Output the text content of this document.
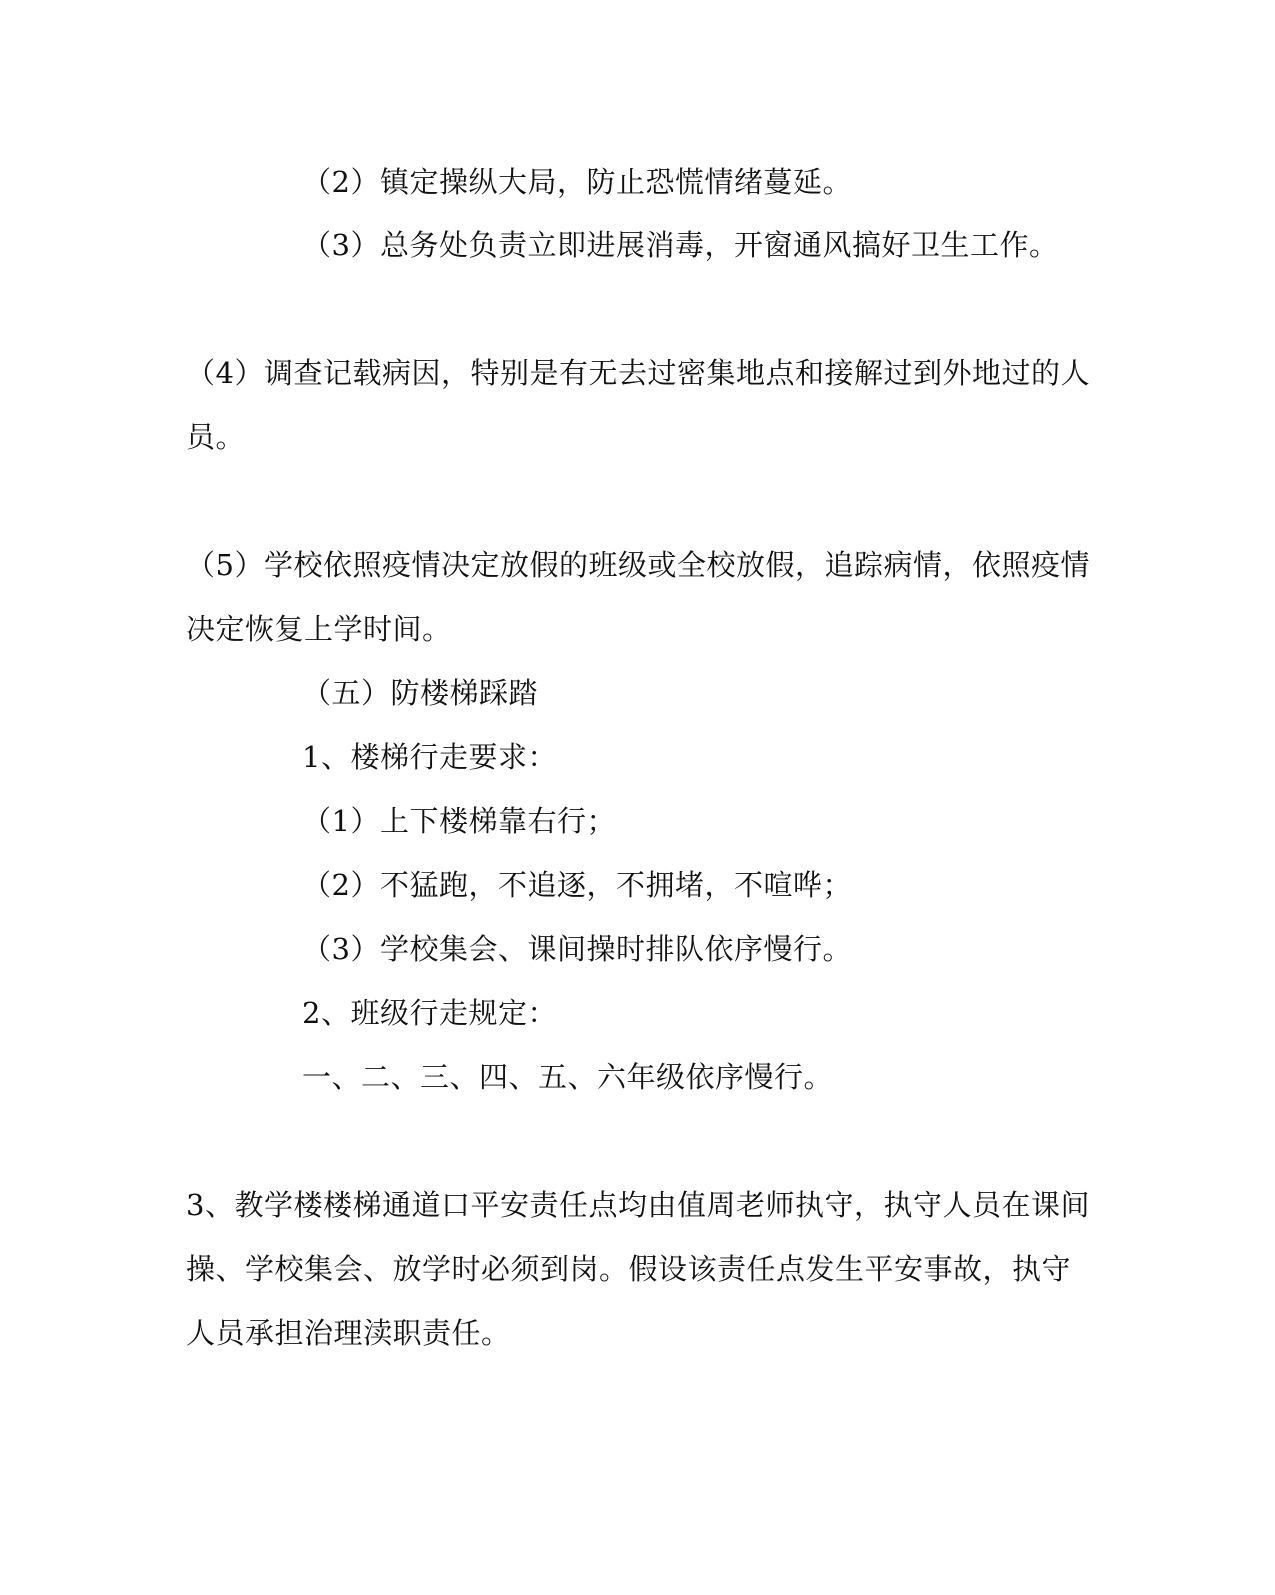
（2）镇定操纵大局，防止恐慌情绪蔓延。
（3）总务处负责立即进展消毒，开窗通风搞好卫生工作。
（4）调查记载病因，特别是有无去过密集地点和接解过到外地过的人
员。
（5）学校依照疫情决定放假的班级或全校放假，追踪病情，依照疫情
决定恢复上学时间。
（五）防楼梯踩踏
1、楼梯行走要求：
（1）上下楼梯靠右行；
（2）不猛跑，不追逐，不拥堵，不喧哗；
（3）学校集会、课间操时排队依序慢行。
2、班级行走规定：
一、二、三、四、五、六年级依序慢行。
3、教学楼楼梯通道口平安责任点均由值周老师执守，执守人员在课间
操、学校集会、放学时必须到岗。假设该责任点发生平安事故，执守
人员承担治理渎职责任。
